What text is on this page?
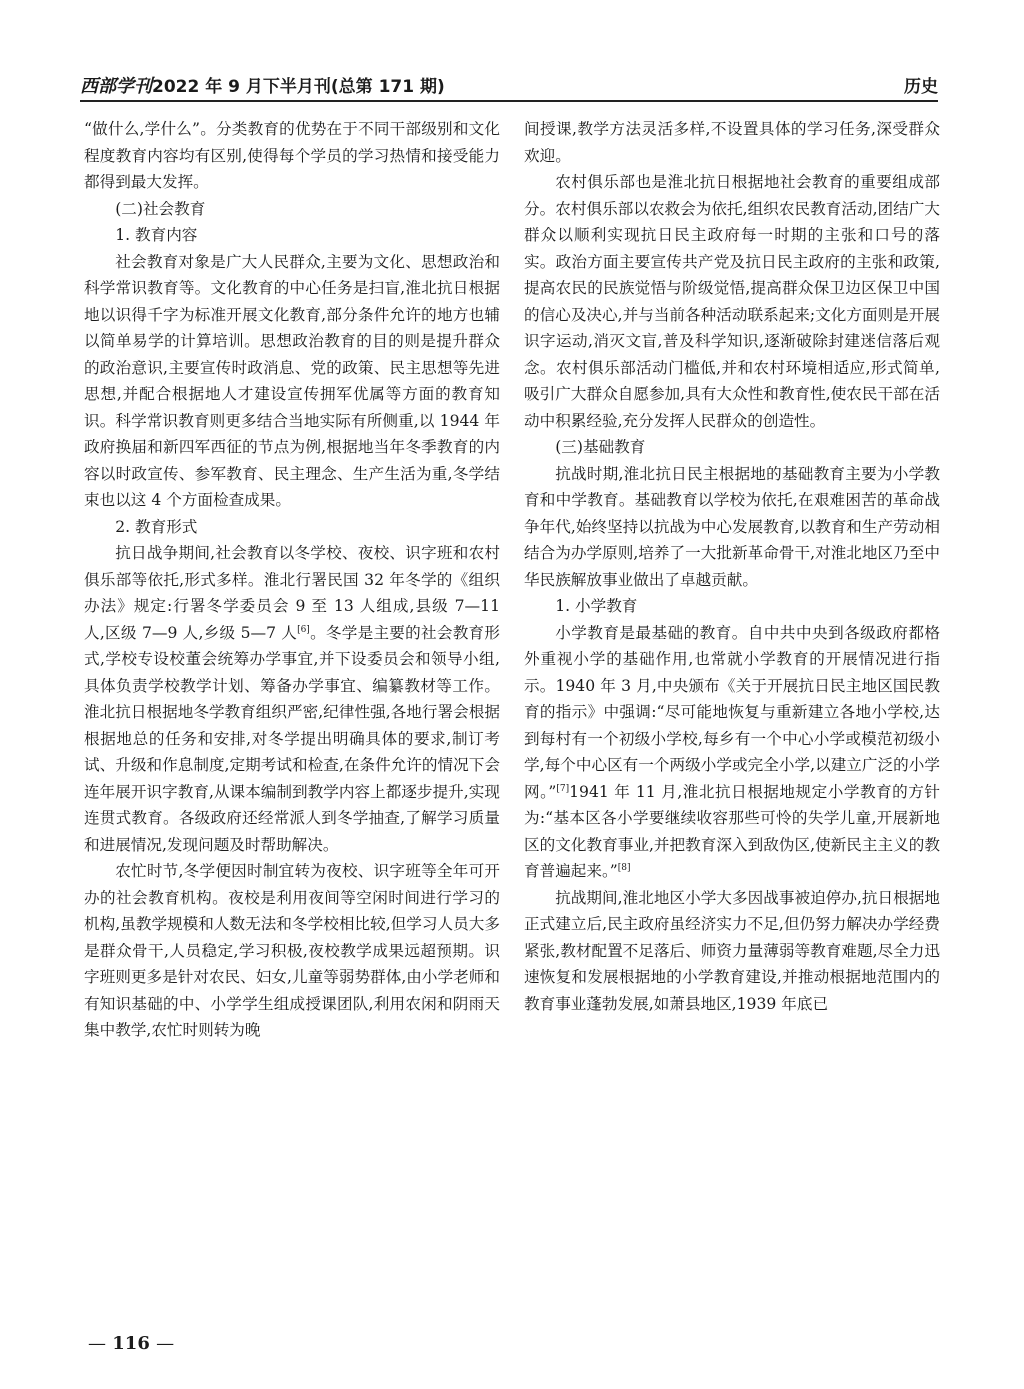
西部学刊2022 年 9 月下半月刊(总第 171 期)	历史

“做什么,学什么”。分类教育的优势在于不同干部级别和文化程度教育内容均有区别,使得每个学员的学习热情和接受能力都得到最大发挥。

(二)社会教育

1. 教育内容

社会教育对象是广大人民群众,主要为文化、思想政治和科学常识教育等。文化教育的中心任务是扫盲,淮北抗日根据地以识得千字为标准开展文化教育,部分条件允许的地方也辅以简单易学的计算培训。思想政治教育的目的则是提升群众的政治意识,主要宣传时政消息、党的政策、民主思想等先进思想,并配合根据地人才建设宣传拥军优属等方面的教育知识。科学常识教育则更多结合当地实际有所侧重,以 1944 年政府换届和新四军西征的节点为例,根据地当年冬季教育的内容以时政宣传、参军教育、民主理念、生产生活为重,冬学结束也以这 4 个方面检查成果。

2. 教育形式

抗日战争期间,社会教育以冬学校、夜校、识字班和农村俱乐部等依托,形式多样。淮北行署民国 32 年冬学的《组织办法》规定:行署冬学委员会 9 至 13 人组成,县级 7—11 人,区级 7—9 人,乡级 5—7 人[6]。冬学是主要的社会教育形式,学校专设校董会统筹办学事宜,并下设委员会和领导小组,具体负责学校教学计划、筹备办学事宜、编纂教材等工作。淮北抗日根据地冬学教育组织严密,纪律性强,各地行署会根据根据地总的任务和安排,对冬学提出明确具体的要求,制订考试、升级和作息制度,定期考试和检查,在条件允许的情况下会连年展开识字教育,从课本编制到教学内容上都逐步提升,实现连贯式教育。各级政府还经常派人到冬学抽查,了解学习质量和进展情况,发现问题及时帮助解决。

农忙时节,冬学便因时制宜转为夜校、识字班等全年可开办的社会教育机构。夜校是利用夜间等空闲时间进行学习的机构,虽教学规模和人数无法和冬学校相比较,但学习人员大多是群众骨干,人员稳定,学习积极,夜校教学成果远超预期。识字班则更多是针对农民、妇女,儿童等弱势群体,由小学老师和有知识基础的中、小学学生组成授课团队,利用农闲和阴雨天集中教学,农忙时则转为晚

间授课,教学方法灵活多样,不设置具体的学习任务,深受群众欢迎。

农村俱乐部也是淮北抗日根据地社会教育的重要组成部分。农村俱乐部以农救会为依托,组织农民教育活动,团结广大群众以顺利实现抗日民主政府每一时期的主张和口号的落实。政治方面主要宣传共产党及抗日民主政府的主张和政策,提高农民的民族觉悟与阶级觉悟,提高群众保卫边区保卫中国的信心及决心,并与当前各种活动联系起来;文化方面则是开展识字运动,消灭文盲,普及科学知识,逐渐破除封建迷信落后观念。农村俱乐部活动门槛低,并和农村环境相适应,形式简单,吸引广大群众自愿参加,具有大众性和教育性,使农民干部在活动中积累经验,充分发挥人民群众的创造性。

(三)基础教育

抗战时期,淮北抗日民主根据地的基础教育主要为小学教育和中学教育。基础教育以学校为依托,在艰难困苦的革命战争年代,始终坚持以抗战为中心发展教育,以教育和生产劳动相结合为办学原则,培养了一大批新革命骨干,对淮北地区乃至中华民族解放事业做出了卓越贡献。

1. 小学教育

小学教育是最基础的教育。自中共中央到各级政府都格外重视小学的基础作用,也常就小学教育的开展情况进行指示。1940 年 3 月,中央颁布《关于开展抗日民主地区国民教育的指示》中强调:“尽可能地恢复与重新建立各地小学校,达到每村有一个初级小学校,每乡有一个中心小学或模范初级小学,每个中心区有一个两级小学或完全小学,以建立广泛的小学网。”[7]1941 年 11 月,淮北抗日根据地规定小学教育的方针为:“基本区各小学要继续收容那些可怜的失学儿童,开展新地区的文化教育事业,并把教育深入到敌伪区,使新民主主义的教育普遍起来。”[8]

抗战期间,淮北地区小学大多因战事被迫停办,抗日根据地正式建立后,民主政府虽经济实力不足,但仍努力解决办学经费紧张,教材配置不足落后、师资力量薄弱等教育难题,尽全力迅速恢复和发展根据地的小学教育建设,并推动根据地范围内的教育事业蓬勃发展,如萧县地区,1939 年底已

— 116 —
